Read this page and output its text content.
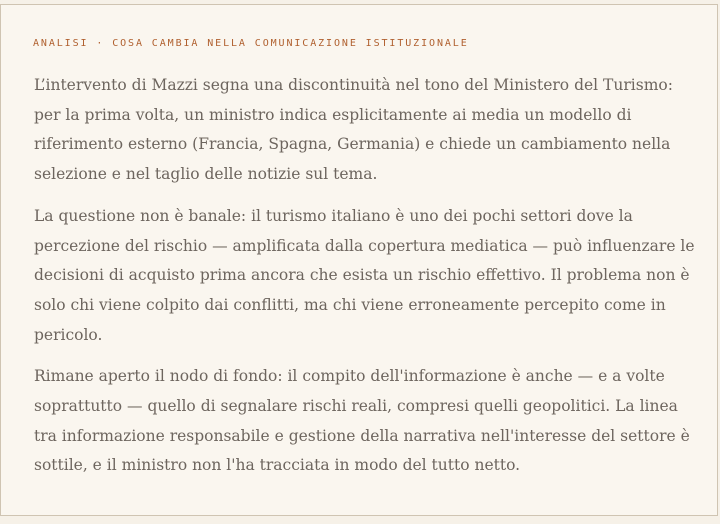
ANALISI · COSA CAMBIA NELLA COMUNICAZIONE ISTITUZIONALE

L’intervento di Mazzi segna una discontinuità nel tono del Ministero del Turismo: per la prima volta, un ministro indica esplicitamente ai media un modello di riferimento esterno (Francia, Spagna, Germania) e chiede un cambiamento nella selezione e nel taglio delle notizie sul tema.

La questione non è banale: il turismo italiano è uno dei pochi settori dove la percezione del rischio — amplificata dalla copertura mediatica — può influenzare le decisioni di acquisto prima ancora che esista un rischio effettivo. Il problema non è solo chi viene colpito dai conflitti, ma chi viene erroneamente percepito come in pericolo.

Rimane aperto il nodo di fondo: il compito dell'informazione è anche — e a volte soprattutto — quello di segnalare rischi reali, compresi quelli geopolitici. La linea tra informazione responsabile e gestione della narrativa nell'interesse del settore è sottile, e il ministro non l'ha tracciata in modo del tutto netto.
